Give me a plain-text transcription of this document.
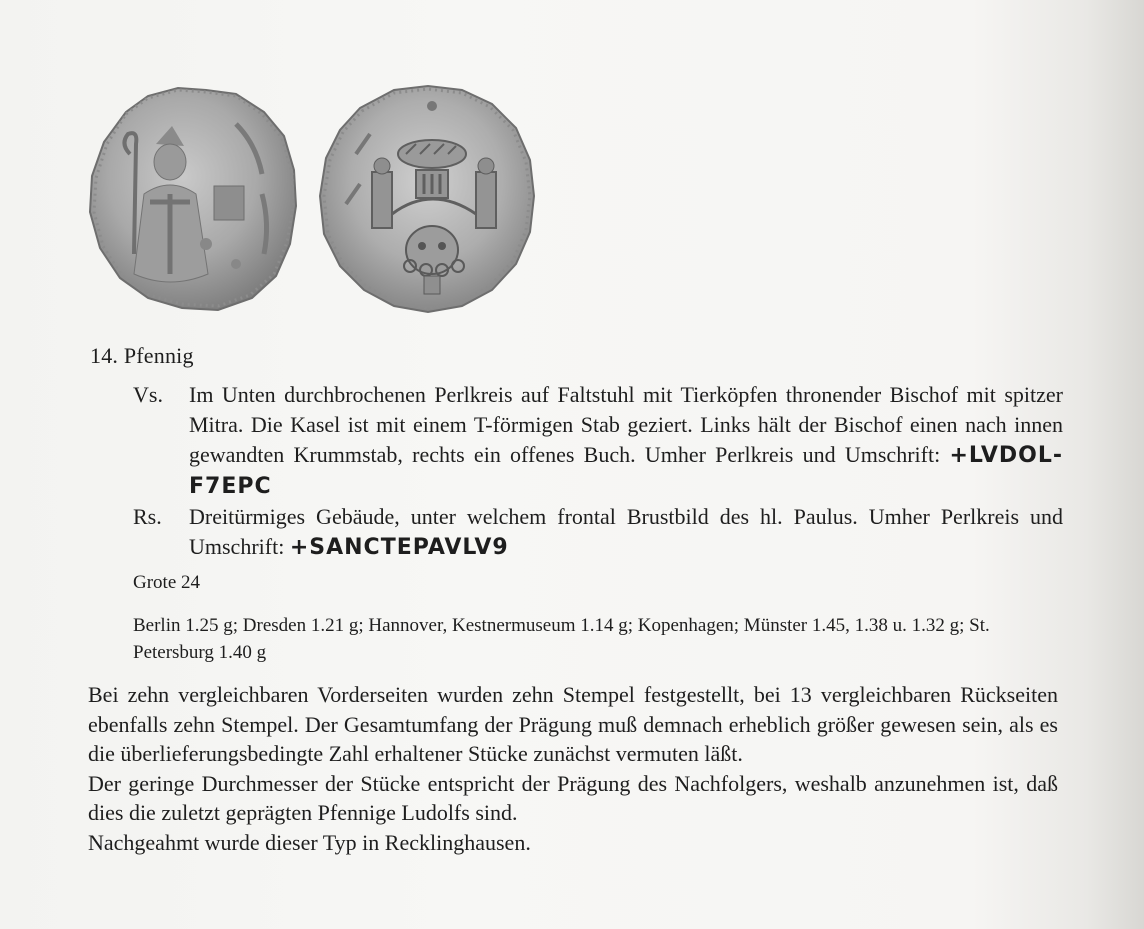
14. Pfennig
Vs. Im Unten durchbrochenen Perlkreis auf Faltstuhl mit Tierköpfen thronender Bischof mit spitzer Mitra. Die Kasel ist mit einem T-förmigen Stab geziert. Links hält der Bischof einen nach innen gewandten Krummstab, rechts ein offenes Buch. Umher Perlkreis und Umschrift: +LVDOL-F7EPC
Rs. Dreitürmiges Gebäude, unter welchem frontal Brustbild des hl. Paulus. Umher Perlkreis und Umschrift: +SANCTEPAVLV9
Grote 24
Berlin 1.25 g; Dresden 1.21 g; Hannover, Kestnermuseum 1.14 g; Kopenhagen; Münster 1.45, 1.38 u. 1.32 g; St. Petersburg 1.40 g

Bei zehn vergleichbaren Vorderseiten wurden zehn Stempel festgestellt, bei 13 vergleichbaren Rückseiten ebenfalls zehn Stempel. Der Gesamtumfang der Prägung muß demnach erheblich größer gewesen sein, als es die überlieferungsbedingte Zahl erhaltener Stücke zunächst vermuten läßt.

Der geringe Durchmesser der Stücke entspricht der Prägung des Nachfolgers, weshalb anzunehmen ist, daß dies die zuletzt geprägten Pfennige Ludolfs sind.

Nachgeahmt wurde dieser Typ in Recklinghausen.
